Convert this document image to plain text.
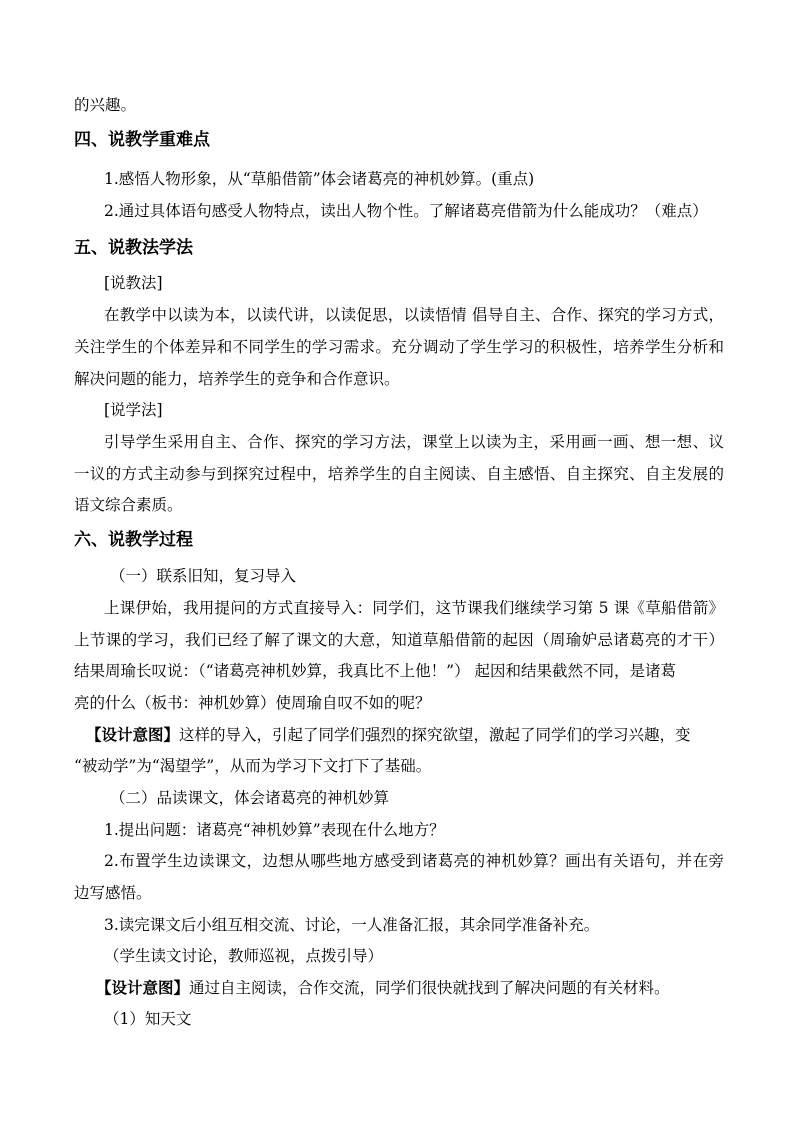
的兴趣。
四、说教学重难点
1.感悟人物形象，从“草船借箭”体会诸葛亮的神机妙算。(重点)
2.通过具体语句感受人物特点，读出人物个性。了解诸葛亮借箭为什么能成功？（难点）
五、说教法学法
[说教法]
在教学中以读为本，以读代讲，以读促思，以读悟情 倡导自主、合作、探究的学习方式，
关注学生的个体差异和不同学生的学习需求。充分调动了学生学习的积极性，培养学生分析和
解决问题的能力，培养学生的竞争和合作意识。
[说学法]
引导学生采用自主、合作、探究的学习方法，课堂上以读为主，采用画一画、想一想、议
一议的方式主动参与到探究过程中，培养学生的自主阅读、自主感悟、自主探究、自主发展的
语文综合素质。
六、说教学过程
（一）联系旧知，复习导入
上课伊始，我用提问的方式直接导入：同学们，这节课我们继续学习第 5 课《草船借箭》
上节课的学习，我们已经了解了课文的大意，知道草船借箭的起因（周瑜妒忌诸葛亮的才干）
结果周瑜长叹说：（“诸葛亮神机妙算，我真比不上他！”） 起因和结果截然不同，是诸葛
亮的什么（板书：神机妙算）使周瑜自叹不如的呢？
【设计意图】这样的导入，引起了同学们强烈的探究欲望，激起了同学们的学习兴趣，变
“被动学”为“渴望学”，从而为学习下文打下了基础。
（二）品读课文，体会诸葛亮的神机妙算
1.提出问题：诸葛亮“神机妙算”表现在什么地方？
2.布置学生边读课文，边想从哪些地方感受到诸葛亮的神机妙算？画出有关语句，并在旁
边写感悟。
3.读完课文后小组互相交流、讨论，一人准备汇报，其余同学准备补充。
（学生读文讨论，教师巡视，点拨引导）
【设计意图】通过自主阅读，合作交流，同学们很快就找到了解决问题的有关材料。
（1）知天文
